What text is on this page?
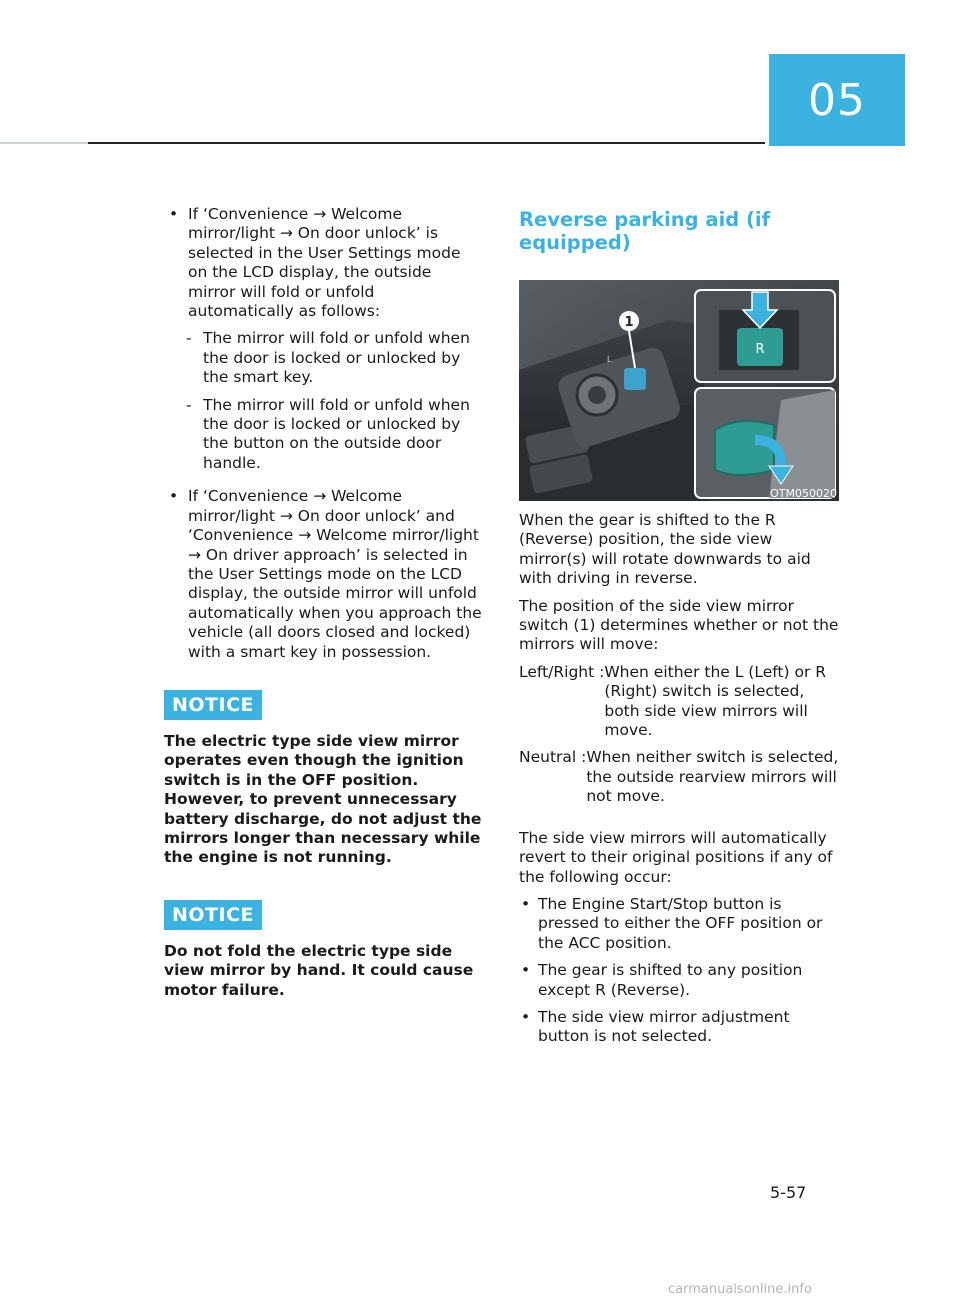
05
• If ‘Convenience → Welcome mirror/light → On door unlock’ is selected in the User Settings mode on the LCD display, the outside mirror will fold or unfold automatically as follows:
- The mirror will fold or unfold when the door is locked or unlocked by the smart key.
- The mirror will fold or unfold when the door is locked or unlocked by the button on the outside door handle.
• If ‘Convenience → Welcome mirror/light → On door unlock’ and ‘Convenience → Welcome mirror/light → On driver approach’ is selected in the User Settings mode on the LCD display, the outside mirror will unfold automatically when you approach the vehicle (all doors closed and locked) with a smart key in possession.
NOTICE
The electric type side view mirror operates even though the ignition switch is in the OFF position. However, to prevent unnecessary battery discharge, do not adjust the mirrors longer than necessary while the engine is not running.
NOTICE
Do not fold the electric type side view mirror by hand. It could cause motor failure.
Reverse parking aid (if equipped)
1
L
R
OTM050020
When the gear is shifted to the R (Reverse) position, the side view mirror(s) will rotate downwards to aid with driving in reverse.
The position of the side view mirror switch (1) determines whether or not the mirrors will move:
Left/Right : When either the L (Left) or R (Right) switch is selected, both side view mirrors will move.
Neutral : When neither switch is selected, the outside rearview mirrors will not move.
The side view mirrors will automatically revert to their original positions if any of the following occur:
• The Engine Start/Stop button is pressed to either the OFF position or the ACC position.
• The gear is shifted to any position except R (Reverse).
• The side view mirror adjustment button is not selected.
5-57
carmanualsonline.info
